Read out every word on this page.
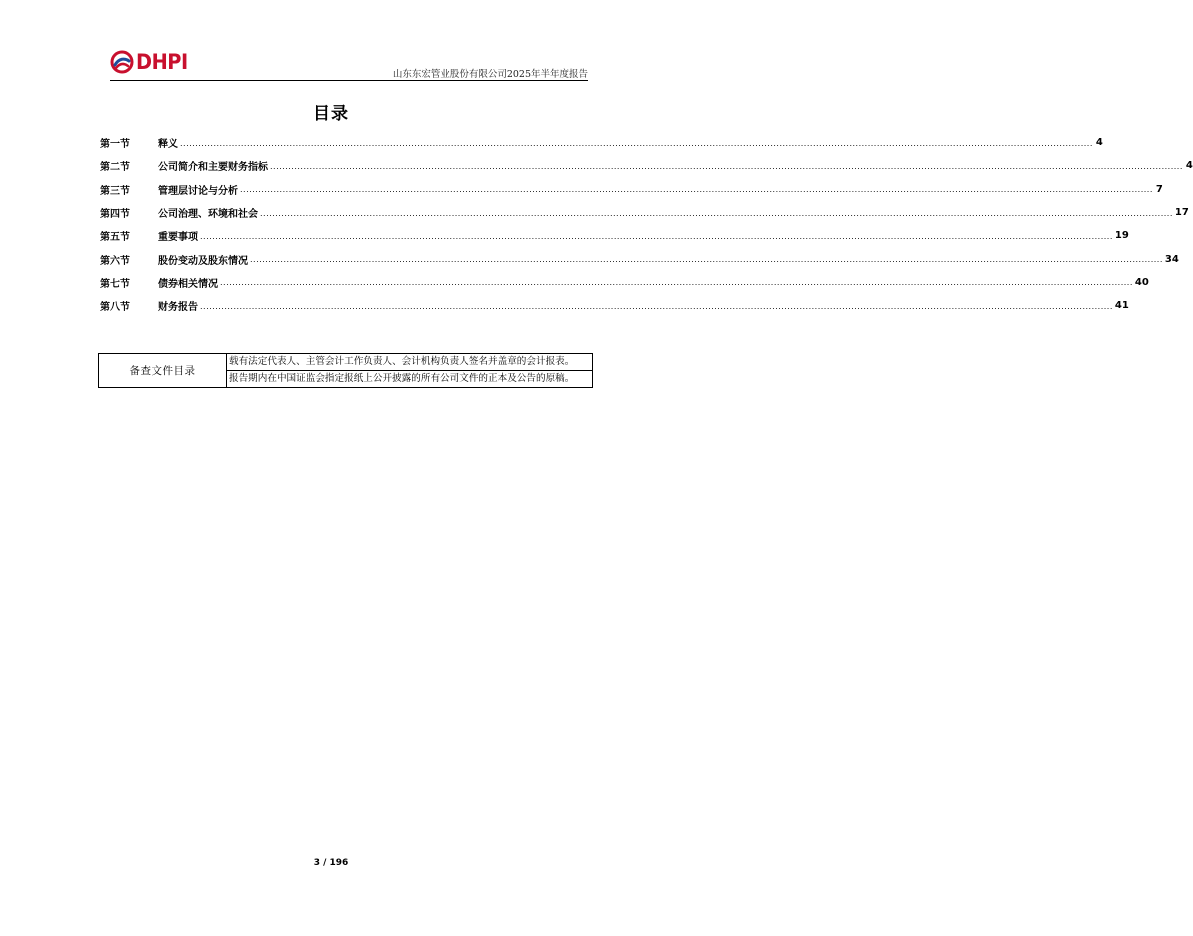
DHPI
山东东宏管业股份有限公司2025年半年度报告
目录
第一节	释义 ............................................................................................................................................................................................................................................................................................................ 4
第二节	公司简介和主要财务指标 ............................................................................................................................................................................................................................................................................................................ 4
第三节	管理层讨论与分析 ............................................................................................................................................................................................................................................................................................................ 7
第四节	公司治理、环境和社会 ............................................................................................................................................................................................................................................................................................................ 17
第五节	重要事项 ............................................................................................................................................................................................................................................................................................................ 19
第六节	股份变动及股东情况 ............................................................................................................................................................................................................................................................................................................ 34
第七节	债券相关情况 ............................................................................................................................................................................................................................................................................................................ 40
第八节	财务报告 ............................................................................................................................................................................................................................................................................................................ 41
备查文件目录	载有法定代表人、主管会计工作负责人、会计机构负责人签名并盖章的会计报表。
报告期内在中国证监会指定报纸上公开披露的所有公司文件的正本及公告的原稿。
3 / 196
